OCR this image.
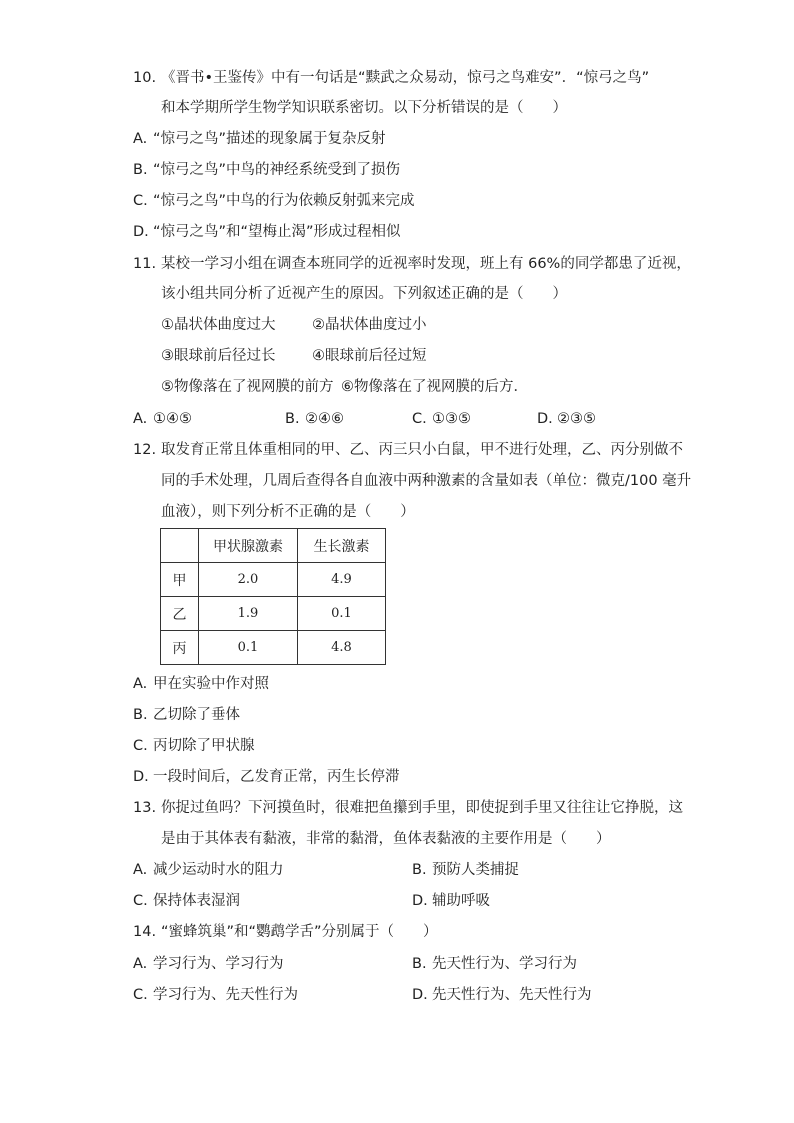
10. 《晋书•王鉴传》中有一句话是“黩武之众易动，惊弓之鸟难安”．“惊弓之鸟”
和本学期所学生物学知识联系密切。以下分析错误的是（　　）
A. “惊弓之鸟”描述的现象属于复杂反射
B. “惊弓之鸟”中鸟的神经系统受到了损伤
C. “惊弓之鸟”中鸟的行为依赖反射弧来完成
D. “惊弓之鸟”和“望梅止渴”形成过程相似
11. 某校一学习小组在调查本班同学的近视率时发现，班上有 66%的同学都患了近视，
该小组共同分析了近视产生的原因。下列叙述正确的是（　　）
①晶状体曲度过大	②晶状体曲度过小
③眼球前后径过长	④眼球前后径过短
⑤物像落在了视网膜的前方 ⑥物像落在了视网膜的后方．
A. ①④⑤	B. ②④⑥	C. ①③⑤	D. ②③⑤
12. 取发育正常且体重相同的甲、乙、丙三只小白鼠，甲不进行处理，乙、丙分别做不
同的手术处理，几周后查得各自血液中两种激素的含量如表（单位：微克/100 毫升
血液），则下列分析不正确的是（　　）
	甲状腺激素	生长激素
甲	2.0	4.9
乙	1.9	0.1
丙	0.1	4.8
A. 甲在实验中作对照
B. 乙切除了垂体
C. 丙切除了甲状腺
D. 一段时间后，乙发育正常，丙生长停滞
13. 你捉过鱼吗？下河摸鱼时，很难把鱼攥到手里，即使捉到手里又往往让它挣脱，这
是由于其体表有黏液，非常的黏滑，鱼体表黏液的主要作用是（　　）
A. 减少运动时水的阻力	B. 预防人类捕捉
C. 保持体表湿润	D. 辅助呼吸
14. “蜜蜂筑巢”和“鹦鹉学舌”分别属于（　　）
A. 学习行为、学习行为	B. 先天性行为、学习行为
C. 学习行为、先天性行为	D. 先天性行为、先天性行为
